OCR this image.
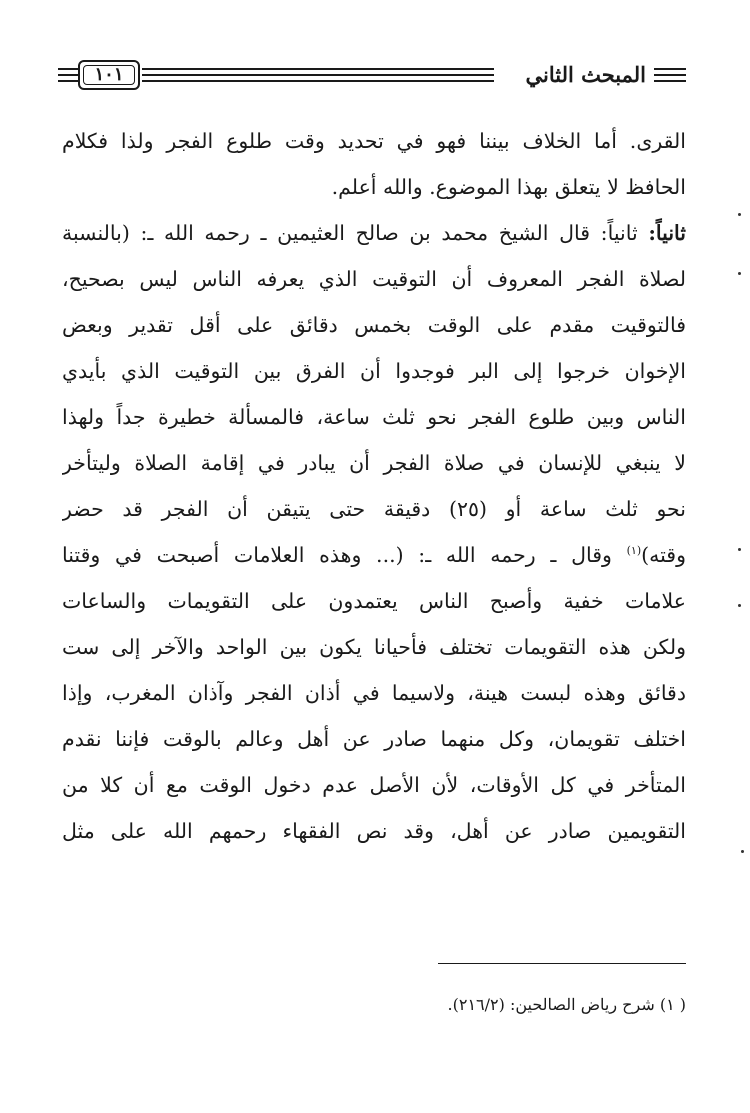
المبحث الثاني
١٠١
القرى. أما الخلاف بيننا فهو في تحديد وقت طلوع الفجر ولذا فكلام
الحافظ لا يتعلق بهذا الموضوع. والله أعلم.
ثانياً: ثانياً: قال الشيخ محمد بن صالح العثيمين ـ رحمه الله ـ: (بالنسبة
لصلاة الفجر المعروف أن التوقيت الذي يعرفه الناس ليس بصحيح،
فالتوقيت مقدم على الوقت بخمس دقائق على أقل تقدير وبعض
الإخوان خرجوا إلى البر فوجدوا أن الفرق بين التوقيت الذي بأيدي
الناس وبين طلوع الفجر نحو ثلث ساعة، فالمسألة خطيرة جداً ولهذا
لا ينبغي للإنسان في صلاة الفجر أن يبادر في إقامة الصلاة وليتأخر
نحو ثلث ساعة أو (٢٥) دقيقة حتى يتيقن أن الفجر قد حضر
وقته)$^{(١)}$ وقال ـ رحمه الله ـ: (... وهذه العلامات أصبحت في وقتنا
علامات خفية وأصبح الناس يعتمدون على التقويمات والساعات
ولكن هذه التقويمات تختلف فأحيانا يكون بين الواحد والآخر إلى ست
دقائق وهذه لبست هينة، ولاسيما في أذان الفجر وآذان المغرب، وإذا
اختلف تقويمان، وكل منهما صادر عن أهل وعالم بالوقت فإننا نقدم
المتأخر في كل الأوقات، لأن الأصل عدم دخول الوقت مع أن كلا من
التقويمين صادر عن أهل، وقد نص الفقهاء رحمهم الله على مثل
( ١) شرح رياض الصالحين: (٢١٦/٢).
